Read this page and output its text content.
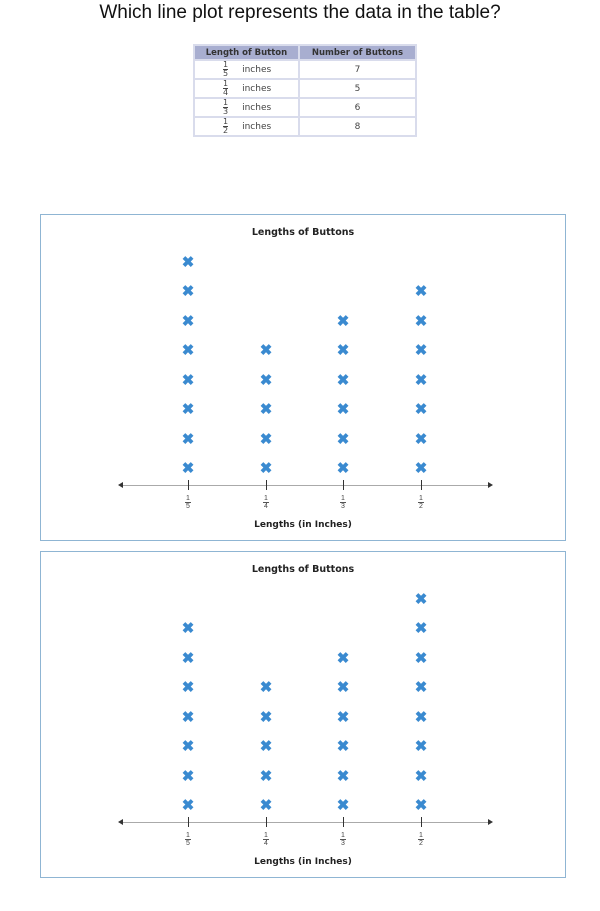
Which line plot represents the data in the table?
Length of Button	Number of Buttons

$\frac{1}{5}$ inches	7

$\frac{1}{4}$ inches	5

$\frac{1}{3}$ inches	6

$\frac{1}{2}$ inches	8
Lengths of Buttons
Lengths (in Inches)
$\frac{1}{5}$
✖
✖
✖
✖
✖
✖
✖
✖
$\frac{1}{4}$
✖
✖
✖
✖
✖
$\frac{1}{3}$
✖
✖
✖
✖
✖
✖
$\frac{1}{2}$
✖
✖
✖
✖
✖
✖
✖
Lengths of Buttons
Lengths (in Inches)
$\frac{1}{5}$
✖
✖
✖
✖
✖
✖
✖
$\frac{1}{4}$
✖
✖
✖
✖
✖
$\frac{1}{3}$
✖
✖
✖
✖
✖
✖
$\frac{1}{2}$
✖
✖
✖
✖
✖
✖
✖
✖
